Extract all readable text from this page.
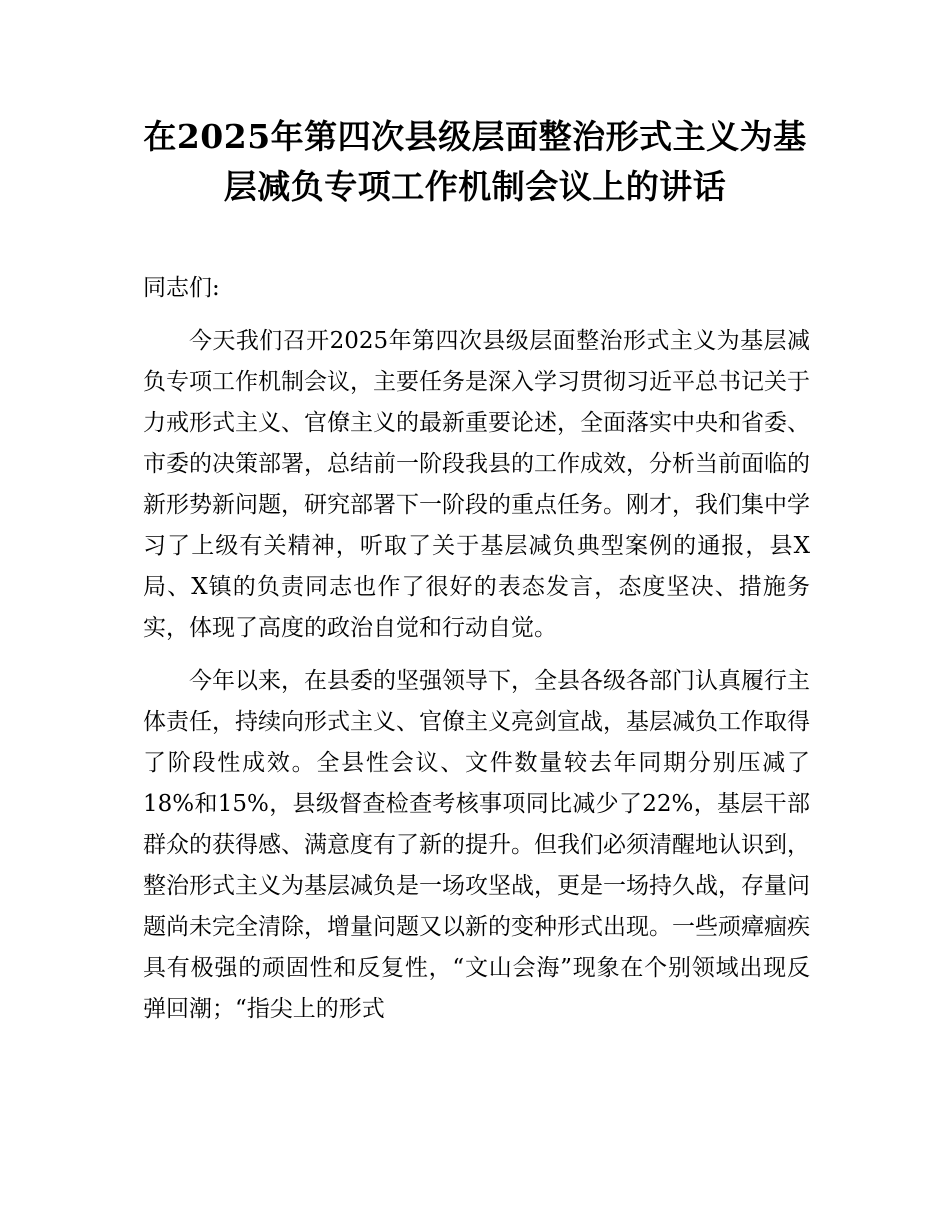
在2025年第四次县级层面整治形式主义为基层减负专项工作机制会议上的讲话

同志们:

今天我们召开2025年第四次县级层面整治形式主义为基层减负专项工作机制会议，主要任务是深入学习贯彻习近平总书记关于力戒形式主义、官僚主义的最新重要论述，全面落实中央和省委、市委的决策部署，总结前一阶段我县的工作成效，分析当前面临的新形势新问题，研究部署下一阶段的重点任务。刚才，我们集中学习了上级有关精神，听取了关于基层减负典型案例的通报，县X局、X镇的负责同志也作了很好的表态发言，态度坚决、措施务实，体现了高度的政治自觉和行动自觉。

今年以来，在县委的坚强领导下，全县各级各部门认真履行主体责任，持续向形式主义、官僚主义亮剑宣战，基层减负工作取得了阶段性成效。全县性会议、文件数量较去年同期分别压减了18%和15%，县级督查检查考核事项同比减少了22%，基层干部群众的获得感、满意度有了新的提升。但我们必须清醒地认识到，整治形式主义为基层减负是一场攻坚战，更是一场持久战，存量问题尚未完全清除，增量问题又以新的变种形式出现。一些顽瘴痼疾具有极强的顽固性和反复性，“文山会海”现象在个别领域出现反弹回潮；“指尖上的形式
